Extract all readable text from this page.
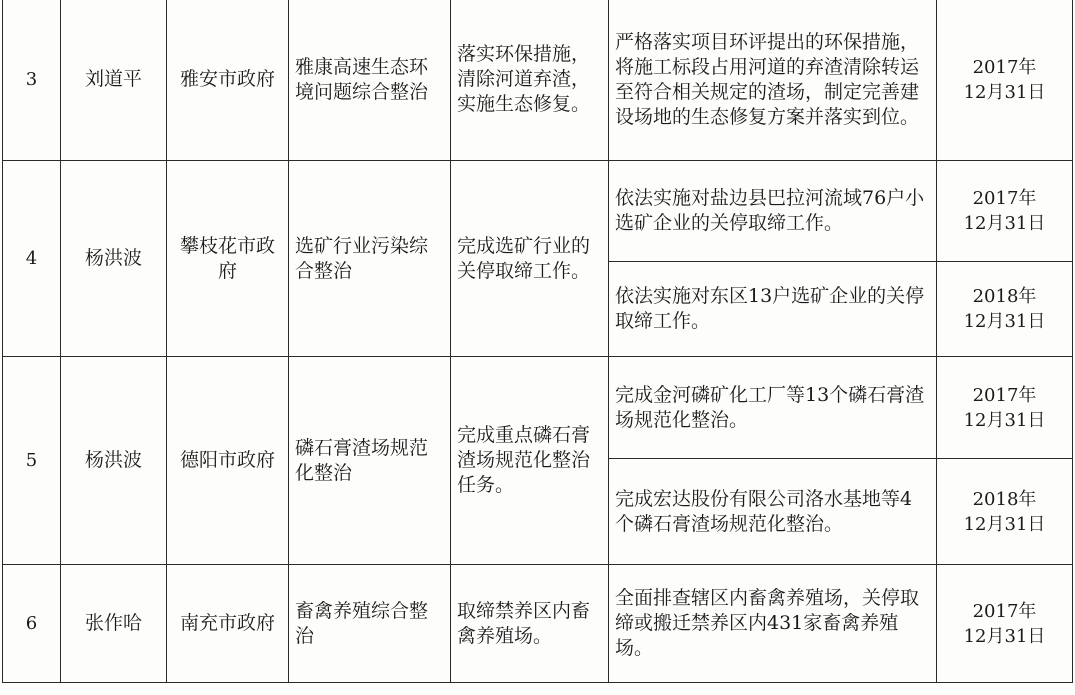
3	刘道平	雅安市政府	雅康高速生态环境问题综合整治	落实环保措施，清除河道弃渣，实施生态修复。	严格落实项目环评提出的环保措施，将施工标段占用河道的弃渣清除转运至符合相关规定的渣场，制定完善建设场地的生态修复方案并落实到位。	2017年
12月31日

4	杨洪波	攀枝花市政府	选矿行业污染综合整治	完成选矿行业的关停取缔工作。	依法实施对盐边县巴拉河流域76户小选矿企业的关停取缔工作。	2017年
12月31日

					依法实施对东区13户选矿企业的关停取缔工作。	2018年
12月31日

5	杨洪波	德阳市政府	磷石膏渣场规范化整治	完成重点磷石膏渣场规范化整治任务。	完成金河磷矿化工厂等13个磷石膏渣场规范化整治。	2017年
12月31日

					完成宏达股份有限公司洛水基地等4个磷石膏渣场规范化整治。	2018年
12月31日

6	张作哈	南充市政府	畜禽养殖综合整治	取缔禁养区内畜禽养殖场。	全面排查辖区内畜禽养殖场，关停取缔或搬迁禁养区内431家畜禽养殖场。	2017年
12月31日
